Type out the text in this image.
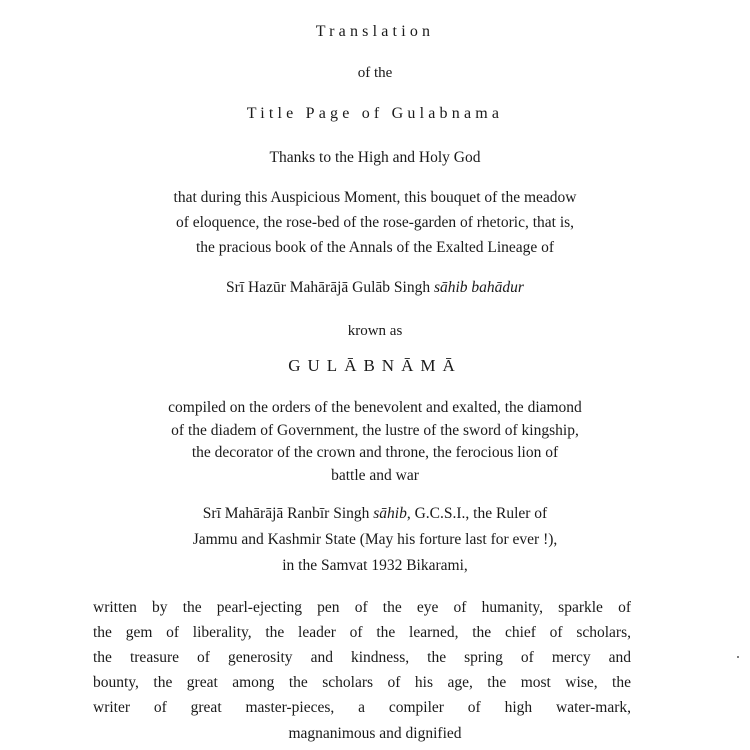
Translation
of the
Title Page of Gulabnama
Thanks to the High and Holy God
that during this Auspicious Moment, this bouquet of the meadow
of eloquence, the rose-bed of the rose-garden of rhetoric, that is,
the pracious book of the Annals of the Exalted Lineage of
Srī Hazūr Mahārājā Gulāb Singh sāhib bahādur
krown as
GULĀBNĀMĀ
compiled on the orders of the benevolent and exalted, the diamond
of the diadem of Government, the lustre of the sword of kingship,
the decorator of the crown and throne, the ferocious lion of
battle and war
Srī Mahārājā Ranbīr Singh sāhib, G.C.S.I., the Ruler of
Jammu and Kashmir State (May his forture last for ever !),
in the Samvat 1932 Bikarami,
written by the pearl-ejecting pen of the eye of humanity, sparkle of
the gem of liberality, the leader of the learned, the chief of scholars,
the treasure of generosity and kindness, the spring of mercy and
bounty, the great among the scholars of his age, the most wise, the
writer of great master-pieces, a compiler of high water-mark,
magnanimous and dignified
